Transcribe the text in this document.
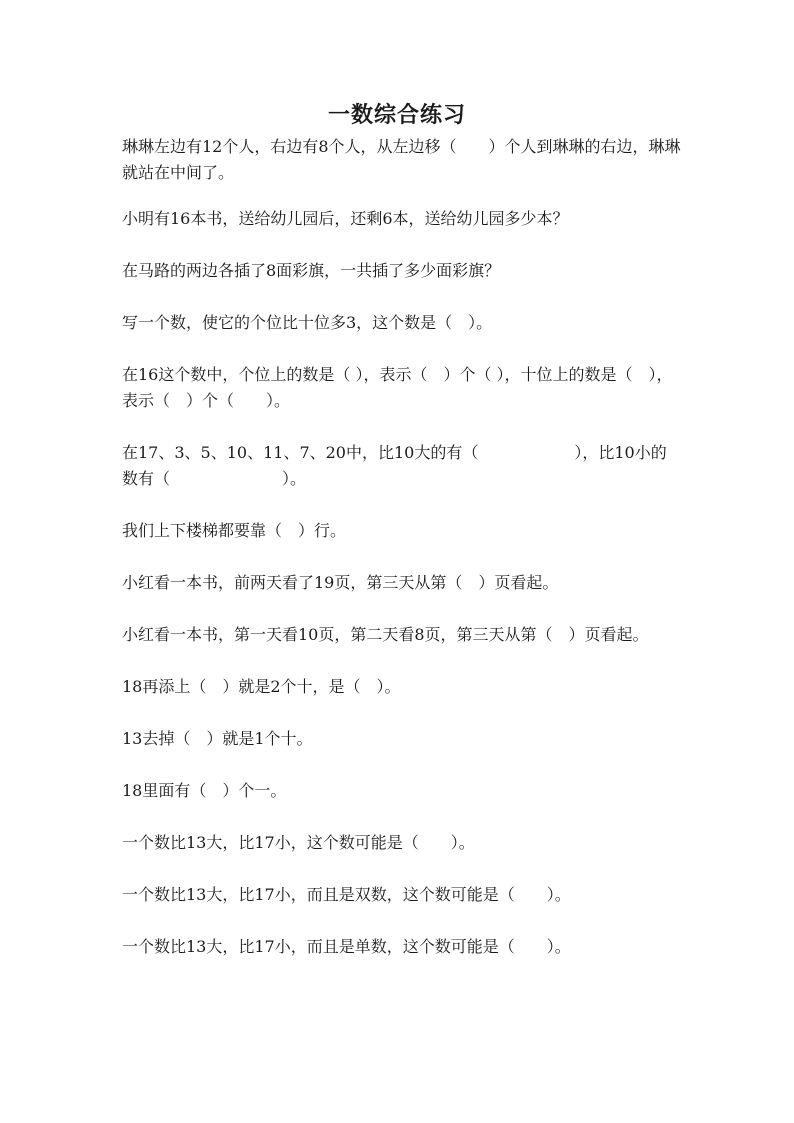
一数综合练习
琳琳左边有12个人，右边有8个人，从左边移（　　）个人到琳琳的右边，琳琳就站在中间了。
小明有16本书，送给幼儿园后，还剩6本，送给幼儿园多少本？
在马路的两边各插了8面彩旗，一共插了多少面彩旗？
写一个数，使它的个位比十位多3，这个数是（　）。
在16这个数中，个位上的数是（ ），表示（　）个（ ），十位上的数是（　），表示（　）个（　　）。
在17、3、5、10、11、7、20中，比10大的有（　　　　　　），比10小的数有（　　　　　　　）。
我们上下楼梯都要靠（　）行。
小红看一本书，前两天看了19页，第三天从第（　）页看起。
小红看一本书，第一天看10页，第二天看8页，第三天从第（　）页看起。
18再添上（　）就是2个十，是（　）。
13去掉（　）就是1个十。
18里面有（　）个一。
一个数比13大，比17小，这个数可能是（　　）。
一个数比13大，比17小，而且是双数，这个数可能是（　　）。
一个数比13大，比17小，而且是单数，这个数可能是（　　）。
